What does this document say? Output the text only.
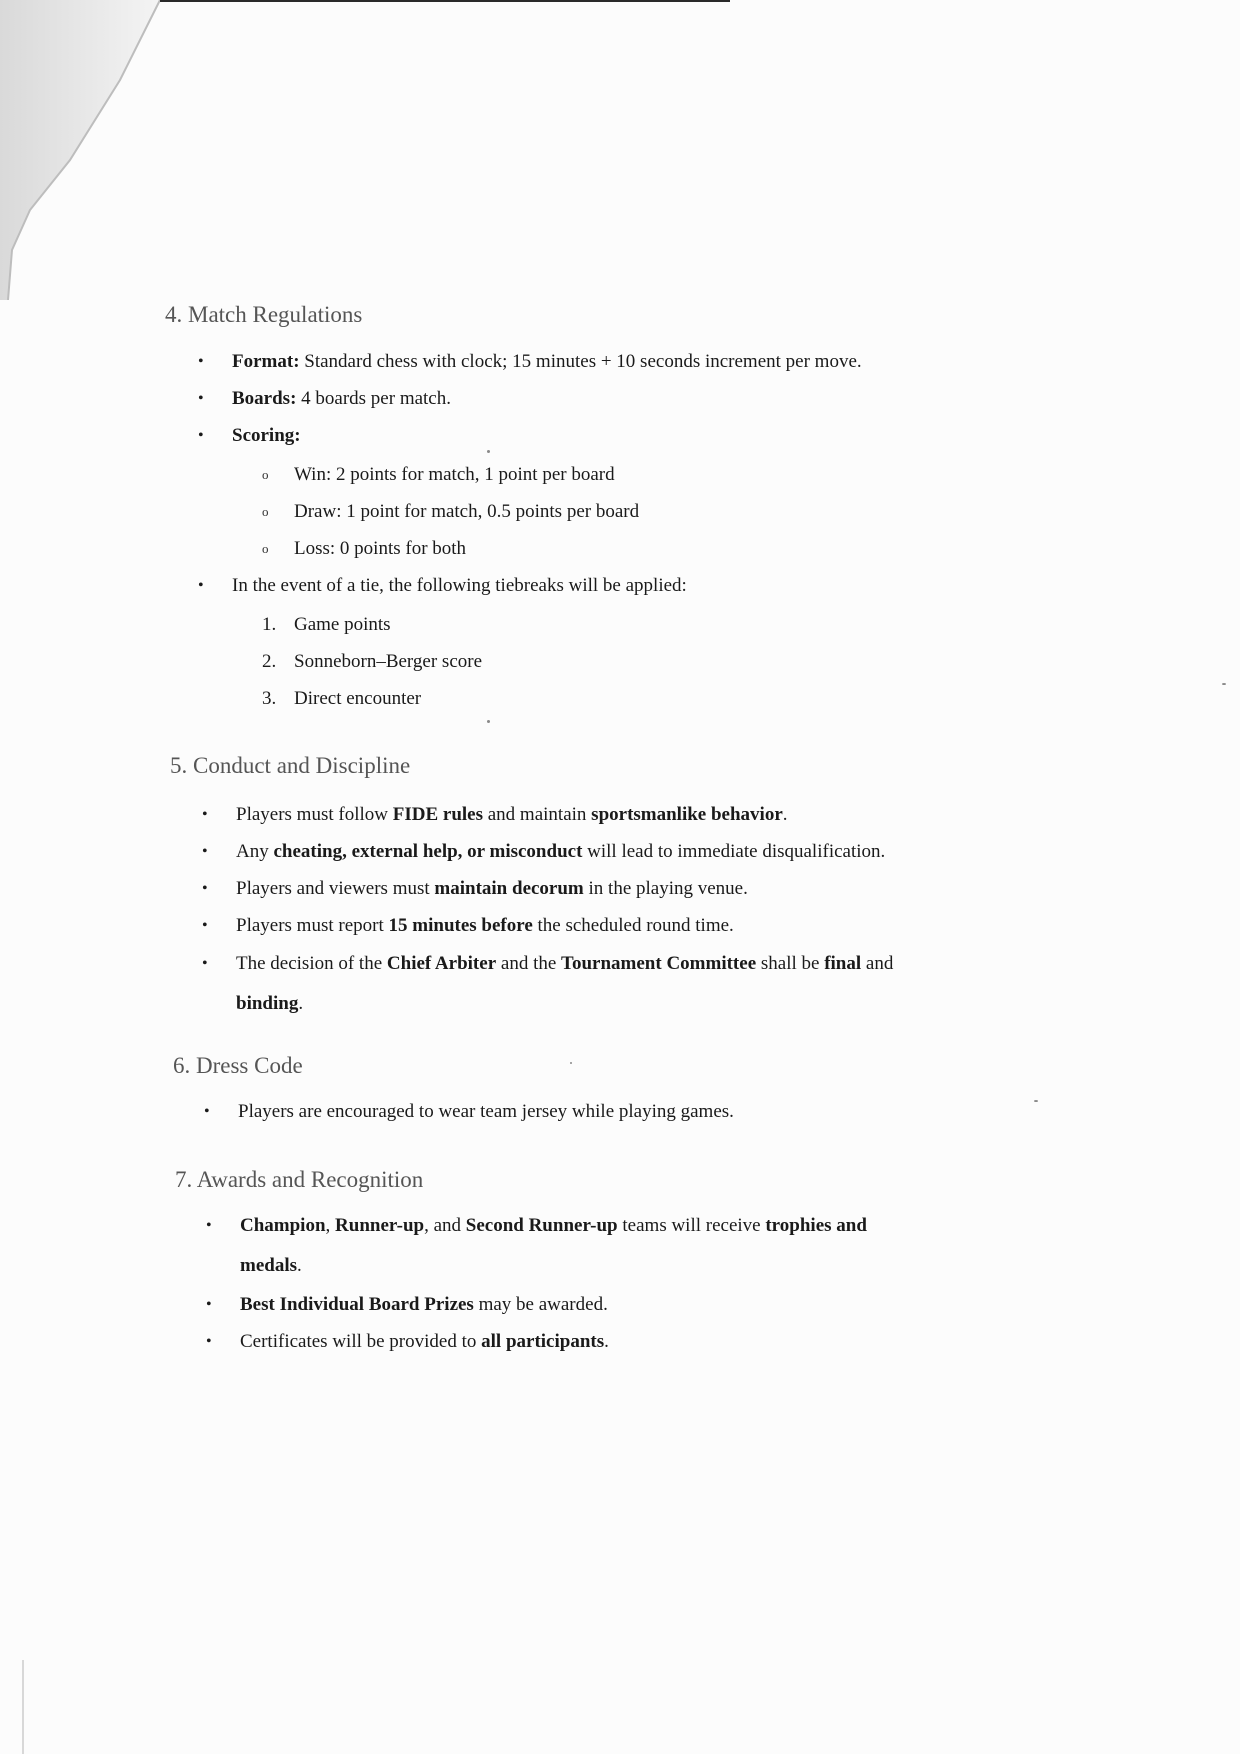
4. Match Regulations
• Format: Standard chess with clock; 15 minutes + 10 seconds increment per move.
• Boards: 4 boards per match.
• Scoring:
o Win: 2 points for match, 1 point per board
o Draw: 1 point for match, 0.5 points per board
o Loss: 0 points for both
• In the event of a tie, the following tiebreaks will be applied:
1. Game points
2. Sonneborn–Berger score
3. Direct encounter
5. Conduct and Discipline
• Players must follow FIDE rules and maintain sportsmanlike behavior.
• Any cheating, external help, or misconduct will lead to immediate disqualification.
• Players and viewers must maintain decorum in the playing venue.
• Players must report 15 minutes before the scheduled round time.
• The decision of the Chief Arbiter and the Tournament Committee shall be final and
binding.
6. Dress Code
• Players are encouraged to wear team jersey while playing games.
7. Awards and Recognition
• Champion, Runner-up, and Second Runner-up teams will receive trophies and
medals.
• Best Individual Board Prizes may be awarded.
• Certificates will be provided to all participants.
